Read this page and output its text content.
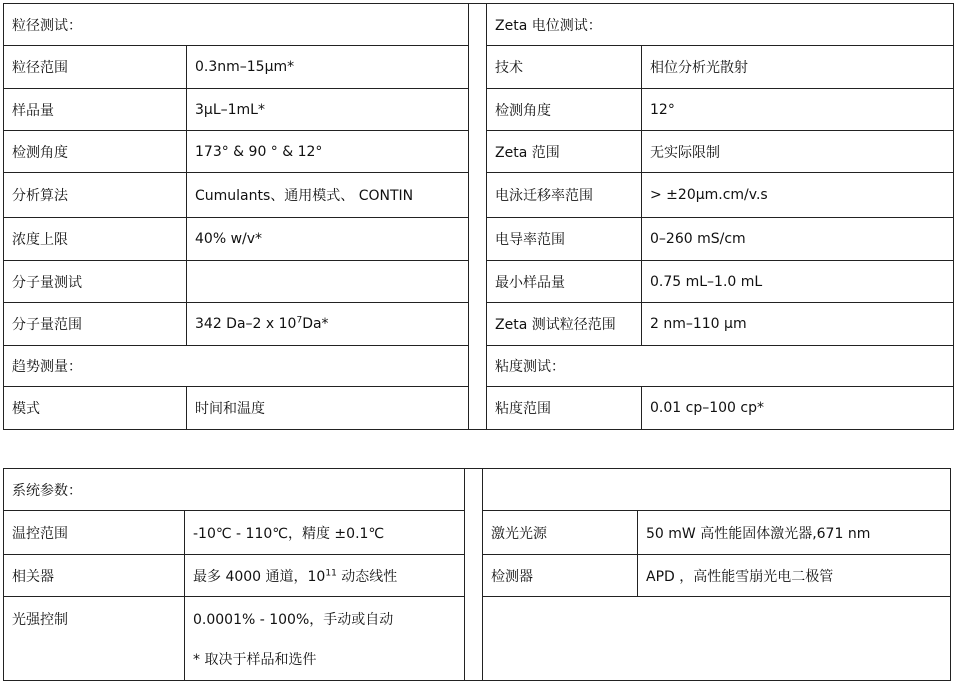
粒径测试：			Zeta 电位测试：	
粒径范围	0.3nm–15μm*		技术	相位分析光散射
样品量	3μL–1mL*		检测角度	12°
检测角度	173° & 90 ° & 12°		Zeta 范围	无实际限制
分析算法	Cumulants、通用模式、 CONTIN		电泳迁移率范围	> ±20μm.cm/v.s
浓度上限	40% w/v*		电导率范围	0–260 mS/cm
分子量测试			最小样品量	0.75 mL–1.0 mL
分子量范围	342 Da–2 x $10^7Da*$		Zeta 测试粒径范围	2 nm–110 μm
趋势测量：			粘度测试：	
模式	时间和温度		粘度范围	0.01 cp–100 cp*
系统参数：				
温控范围	-10℃ - 110℃，精度 ±0.1℃		激光光源	50 mW 高性能固体激光器,671 nm
相关器	最多 4000 通道，$10^{11}$ 动态线性		检测器	APD ，高性能雪崩光电二极管
光强控制	0.0001% - 100%，手动或自动
* 取决于样品和选件			
